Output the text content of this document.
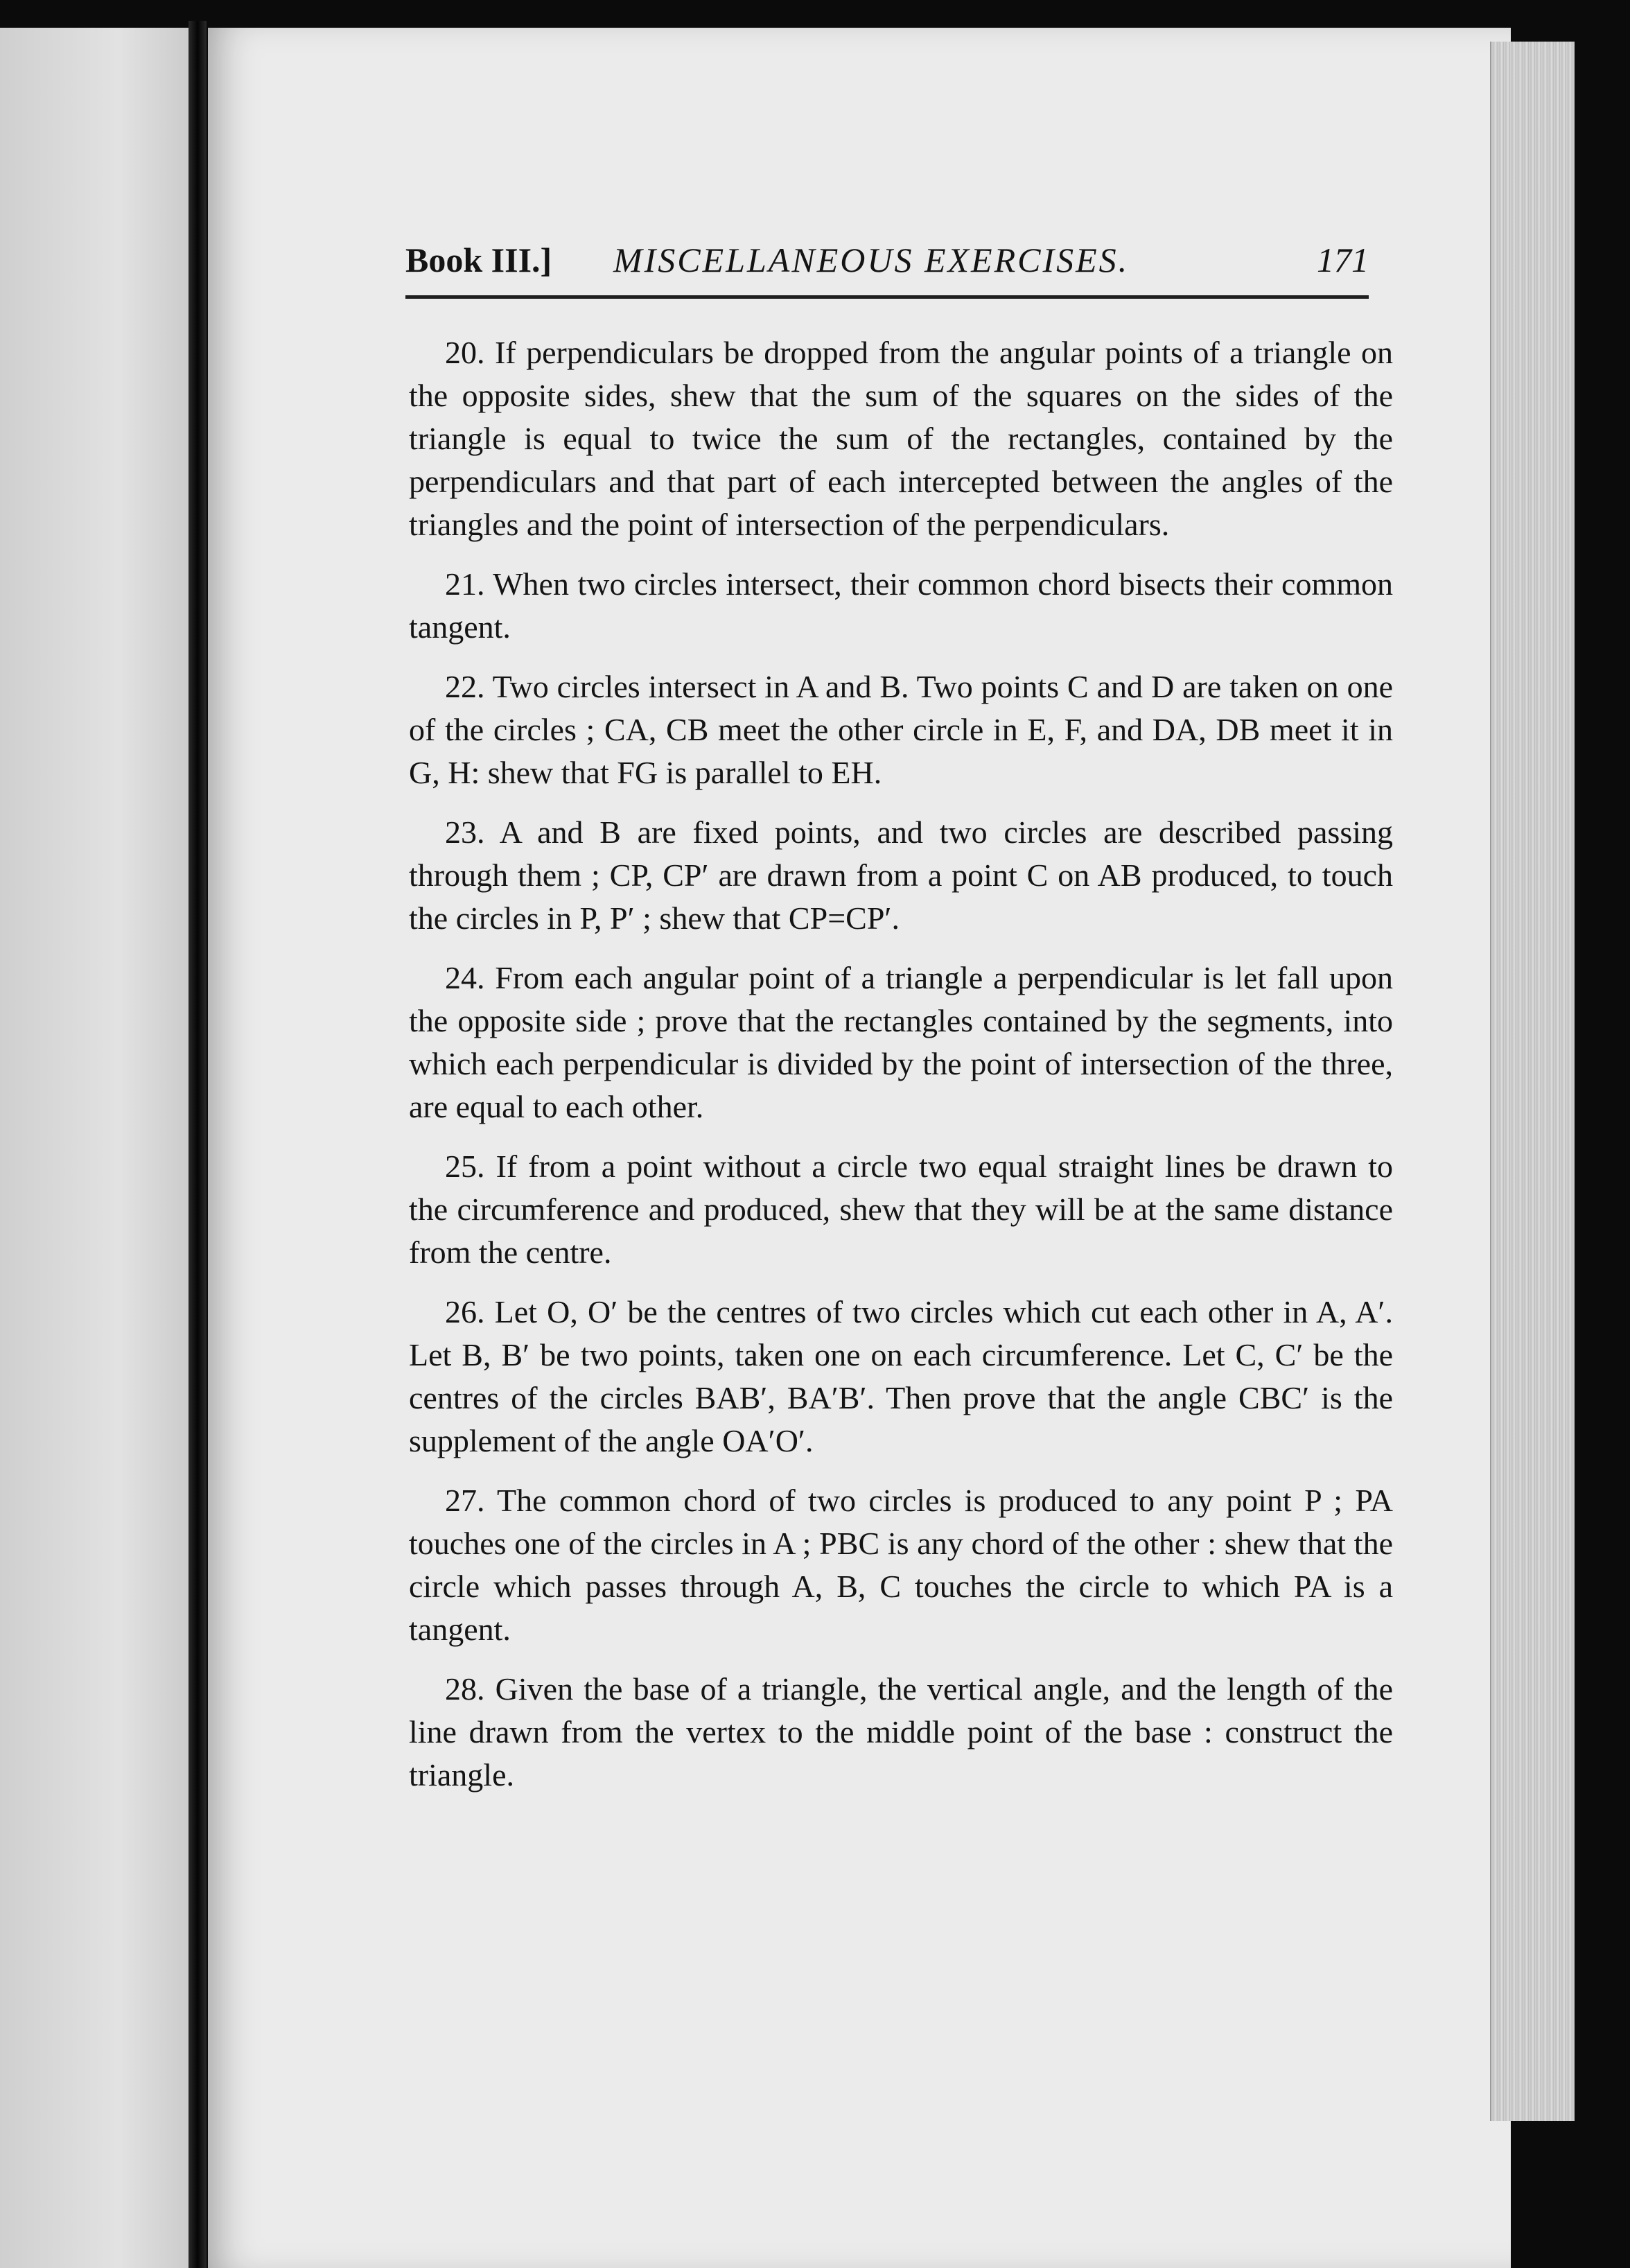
Book III.] MISCELLANEOUS EXERCISES.	171

20. If perpendiculars be dropped from the angular points of a triangle on the opposite sides, shew that the sum of the squares on the sides of the triangle is equal to twice the sum of the rectangles, contained by the perpendiculars and that part of each intercepted between the angles of the triangles and the point of intersection of the perpendiculars.

21. When two circles intersect, their common chord bisects their common tangent.

22. Two circles intersect in A and B. Two points C and D are taken on one of the circles ; CA, CB meet the other circle in E, F, and DA, DB meet it in G, H: shew that FG is parallel to EH.

23. A and B are fixed points, and two circles are described passing through them ; CP, CP′ are drawn from a point C on AB produced, to touch the circles in P, P′ ; shew that CP=CP′.

24. From each angular point of a triangle a perpendicular is let fall upon the opposite side ; prove that the rectangles contained by the segments, into which each perpendicular is divided by the point of intersection of the three, are equal to each other.

25. If from a point without a circle two equal straight lines be drawn to the circumference and produced, shew that they will be at the same distance from the centre.

26. Let O, O′ be the centres of two circles which cut each other in A, A′. Let B, B′ be two points, taken one on each circumference. Let C, C′ be the centres of the circles BAB′, BA′B′. Then prove that the angle CBC′ is the supplement of the angle OA′O′.

27. The common chord of two circles is produced to any point P ; PA touches one of the circles in A ; PBC is any chord of the other : shew that the circle which passes through A, B, C touches the circle to which PA is a tangent.

28. Given the base of a triangle, the vertical angle, and the length of the line drawn from the vertex to the middle point of the base : construct the triangle.
